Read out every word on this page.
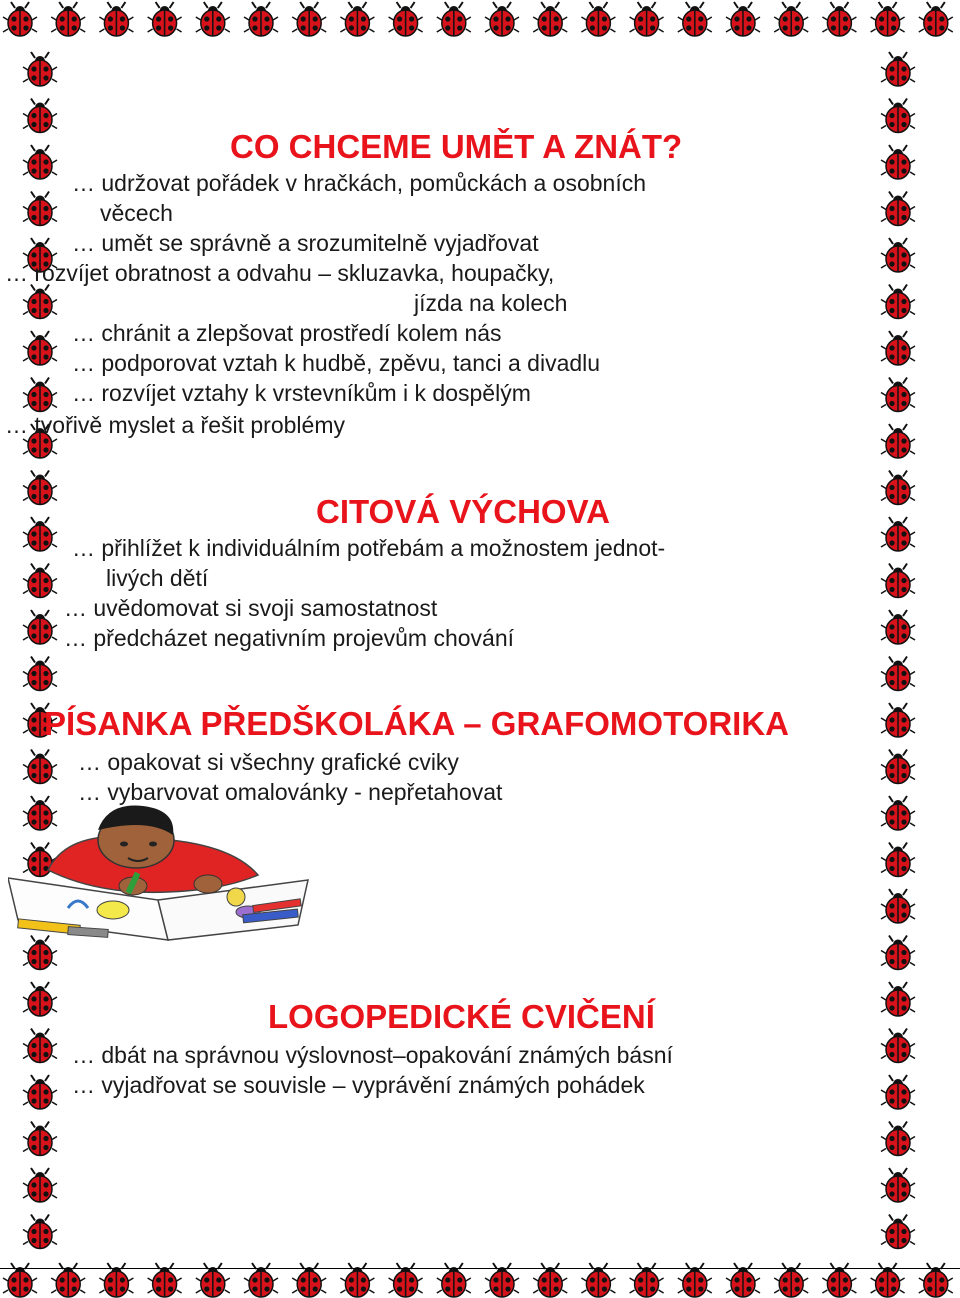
CO CHCEME UMĚT A ZNÁT?
… udržovat pořádek v hračkách, pomůckách a osobních
věcech
… umět se správně a srozumitelně vyjadřovat
… rozvíjet obratnost a odvahu – skluzavka, houpačky,
jízda na kolech
… chránit a zlepšovat prostředí kolem nás
… podporovat vztah k hudbě, zpěvu, tanci a divadlu
… rozvíjet vztahy k vrstevníkům i k dospělým
… tvořivě myslet a řešit problémy
CITOVÁ VÝCHOVA
… přihlížet k individuálním potřebám a možnostem jednot-
livých dětí
… uvědomovat si svoji samostatnost
… předcházet negativním projevům chování
PÍSANKA PŘEDŠKOLÁKA – GRAFOMOTORIKA
… opakovat si všechny grafické cviky
… vybarvovat omalovánky - nepřetahovat
LOGOPEDICKÉ CVIČENÍ
… dbát na správnou výslovnost–opakování známých básní
… vyjadřovat se souvisle – vyprávění známých pohádek
